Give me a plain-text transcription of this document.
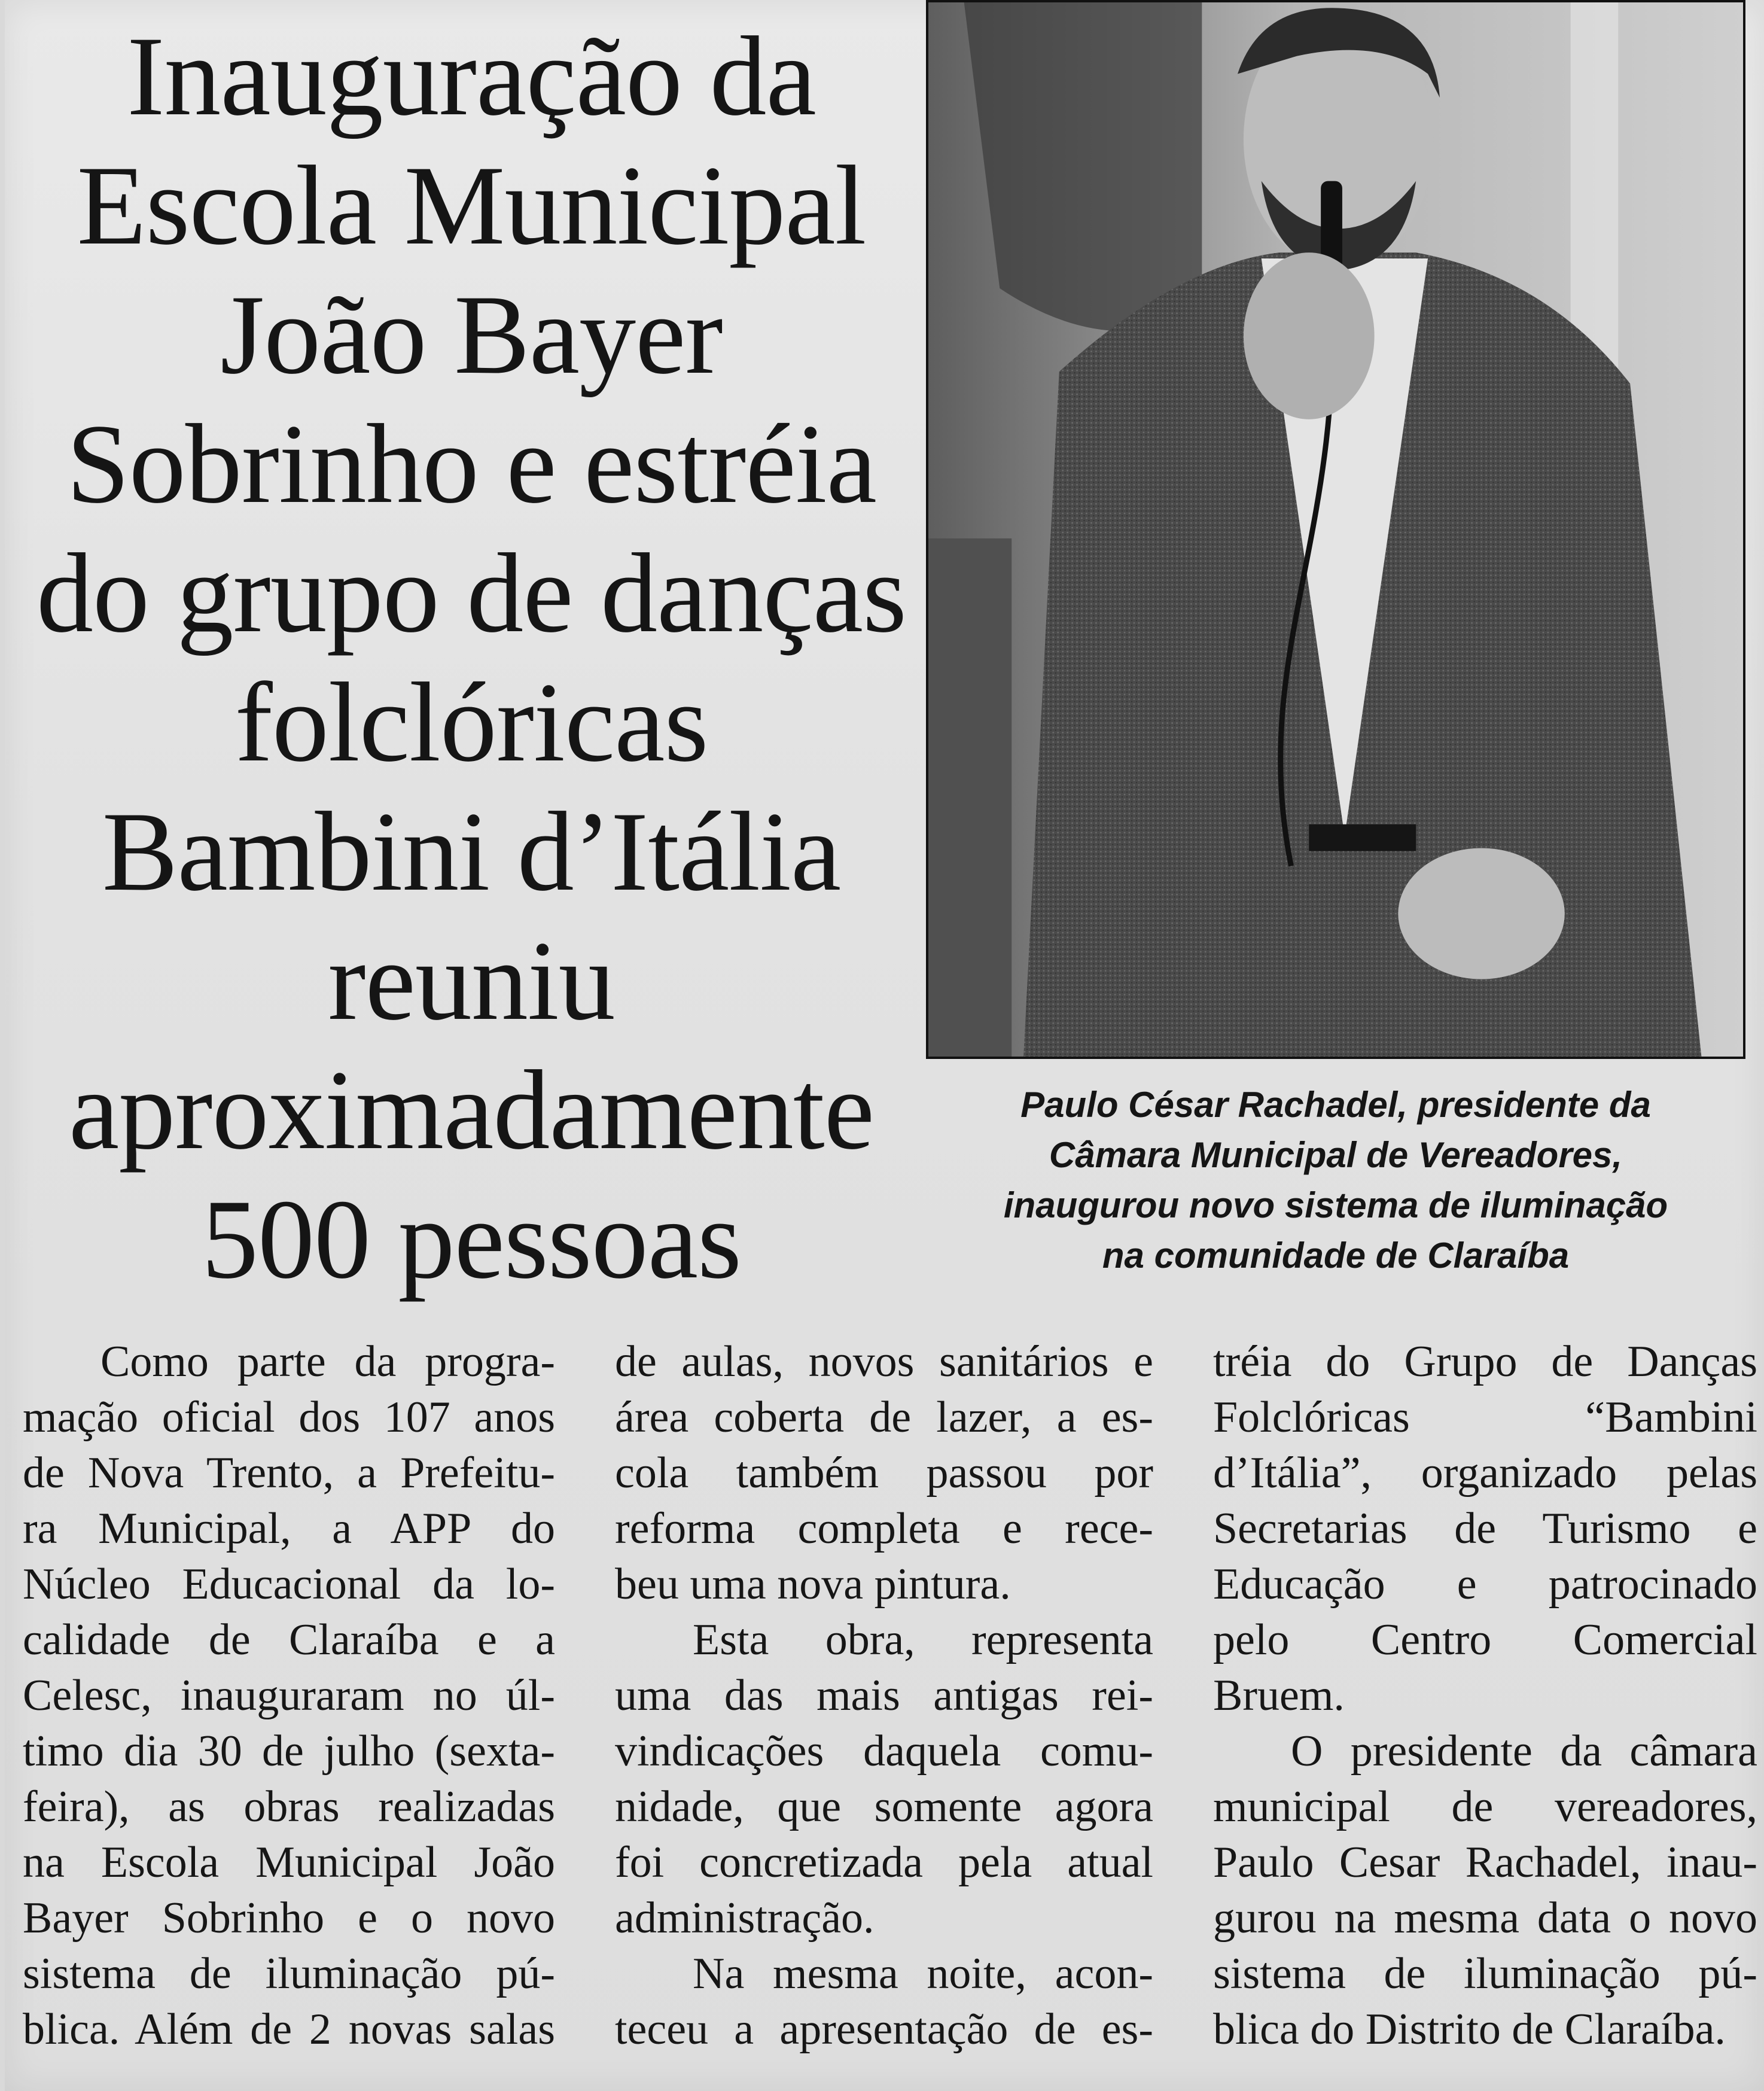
Inauguração da
Escola Municipal
João Bayer
Sobrinho e estréia
do grupo de danças
folclóricas
Bambini d’Itália
reuniu
aproximadamente
500 pessoas

Paulo César Rachadel, presidente da
Câmara Municipal de Vereadores,
inaugurou novo sistema de iluminação
na comunidade de Claraíba

Como parte da progra-
mação oficial dos 107 anos
de Nova Trento, a Prefeitu-
ra Municipal, a APP do
Núcleo Educacional da lo-
calidade de Claraíba e a
Celesc, inauguraram no úl-
timo dia 30 de julho (sexta-
feira), as obras realizadas
na Escola Municipal João
Bayer Sobrinho e o novo
sistema de iluminação pú-
blica. Além de 2 novas salas
de aulas, novos sanitários e
área coberta de lazer, a es-
cola também passou por
reforma completa e rece-
beu uma nova pintura.
Esta obra, representa
uma das mais antigas rei-
vindicações daquela comu-
nidade, que somente agora
foi concretizada pela atual
administração.
Na mesma noite, acon-
teceu a apresentação de es-
tréia do Grupo de Danças
Folclóricas “Bambini
d’Itália”, organizado pelas
Secretarias de Turismo e
Educação e patrocinado
pelo Centro Comercial
Bruem.
O presidente da câmara
municipal de vereadores,
Paulo Cesar Rachadel, inau-
gurou na mesma data o novo
sistema de iluminação pú-
blica do Distrito de Claraíba.
